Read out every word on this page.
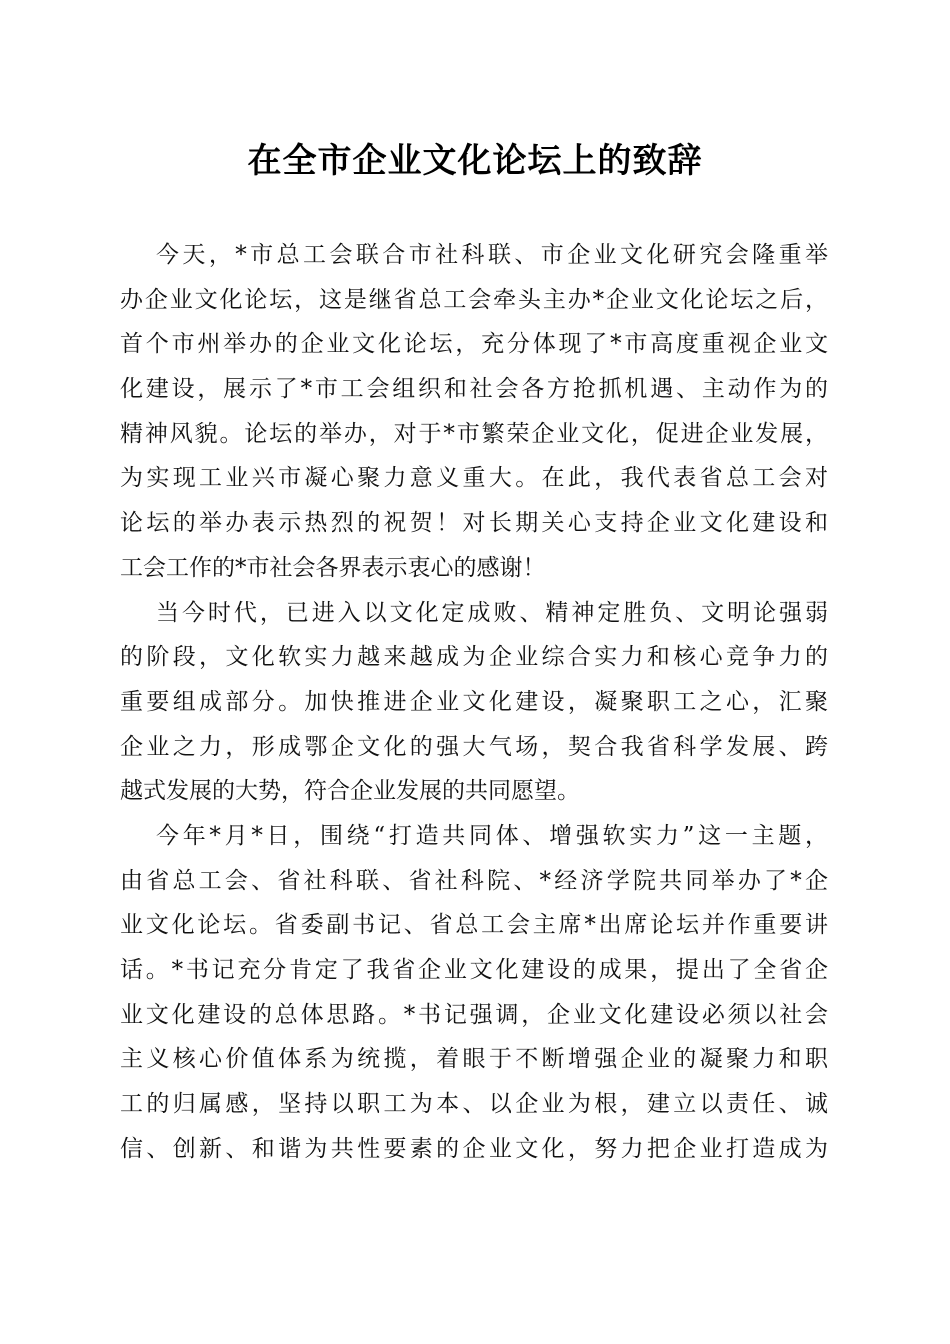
在全市企业文化论坛上的致辞
今天，*市总工会联合市社科联、市企业文化研究会隆重举
办企业文化论坛，这是继省总工会牵头主办*企业文化论坛之后，
首个市州举办的企业文化论坛，充分体现了*市高度重视企业文
化建设，展示了*市工会组织和社会各方抢抓机遇、主动作为的
精神风貌。论坛的举办，对于*市繁荣企业文化，促进企业发展，
为实现工业兴市凝心聚力意义重大。在此，我代表省总工会对
论坛的举办表示热烈的祝贺！对长期关心支持企业文化建设和
工会工作的*市社会各界表示衷心的感谢！
当今时代，已进入以文化定成败、精神定胜负、文明论强弱
的阶段，文化软实力越来越成为企业综合实力和核心竞争力的
重要组成部分。加快推进企业文化建设，凝聚职工之心，汇聚
企业之力，形成鄂企文化的强大气场，契合我省科学发展、跨
越式发展的大势，符合企业发展的共同愿望。
今年*月*日，围绕“打造共同体、增强软实力”这一主题，
由省总工会、省社科联、省社科院、*经济学院共同举办了*企
业文化论坛。省委副书记、省总工会主席*出席论坛并作重要讲
话。*书记充分肯定了我省企业文化建设的成果，提出了全省企
业文化建设的总体思路。*书记强调，企业文化建设必须以社会
主义核心价值体系为统揽，着眼于不断增强企业的凝聚力和职
工的归属感，坚持以职工为本、以企业为根，建立以责任、诚
信、创新、和谐为共性要素的企业文化，努力把企业打造成为
